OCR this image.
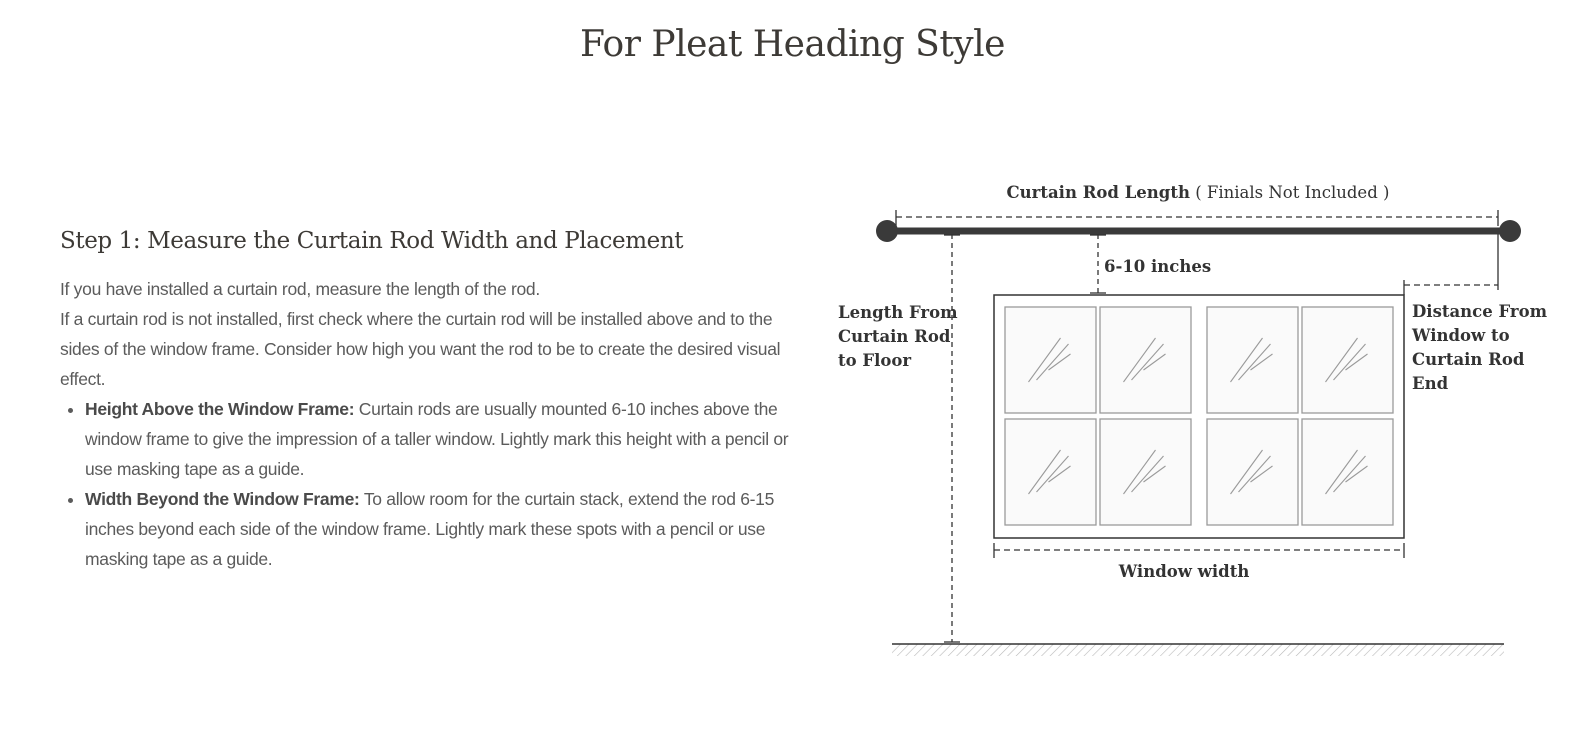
For Pleat Heading Style
Step 1: Measure the Curtain Rod Width and Placement

If you have installed a curtain rod, measure the length of the rod.

If a curtain rod is not installed, first check where the curtain rod will be installed above and to the sides of the window frame. Consider how high you want the rod to be to create the desired visual effect.

• Height Above the Window Frame: Curtain rods are usually mounted 6-10 inches above the window frame to give the impression of a taller window. Lightly mark this height with a pencil or use masking tape as a guide.
• Width Beyond the Window Frame: To allow room for the curtain stack, extend the rod 6-15 inches beyond each side of the window frame. Lightly mark these spots with a pencil or use masking tape as a guide.
Curtain Rod Length ( Finials Not Included )
6-10 inches
Length From Curtain Rod to Floor
Distance From Window to Curtain Rod End
Window width
